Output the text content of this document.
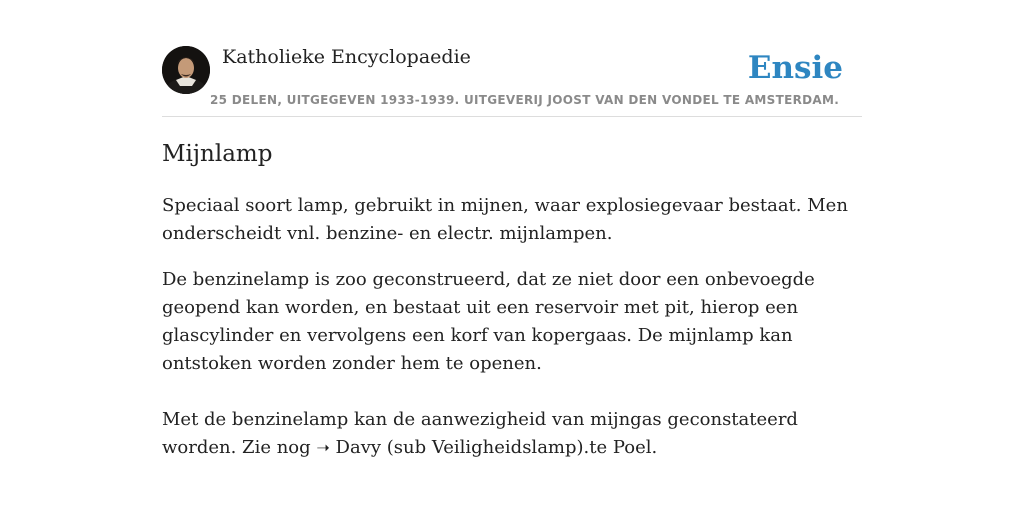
Katholieke Encyclopaedie
25 DELEN, UITGEGEVEN 1933-1939. UITGEVERIJ JOOST VAN DEN VONDEL TE AMSTERDAM.
Ensie
Mijnlamp

Speciaal soort lamp, gebruikt in mijnen, waar explosiegevaar bestaat. Men onderscheidt vnl. benzine- en electr. mijnlampen.

De benzinelamp is zoo geconstrueerd, dat ze niet door een onbevoegde geopend kan worden, en bestaat uit een reservoir met pit, hierop een glascylinder en vervolgens een korf van kopergaas. De mijnlamp kan ontstoken worden zonder hem te openen.

Met de benzinelamp kan de aanwezigheid van mijngas geconstateerd worden. Zie nog ➝ Davy (sub Veiligheidslamp).te Poel.
